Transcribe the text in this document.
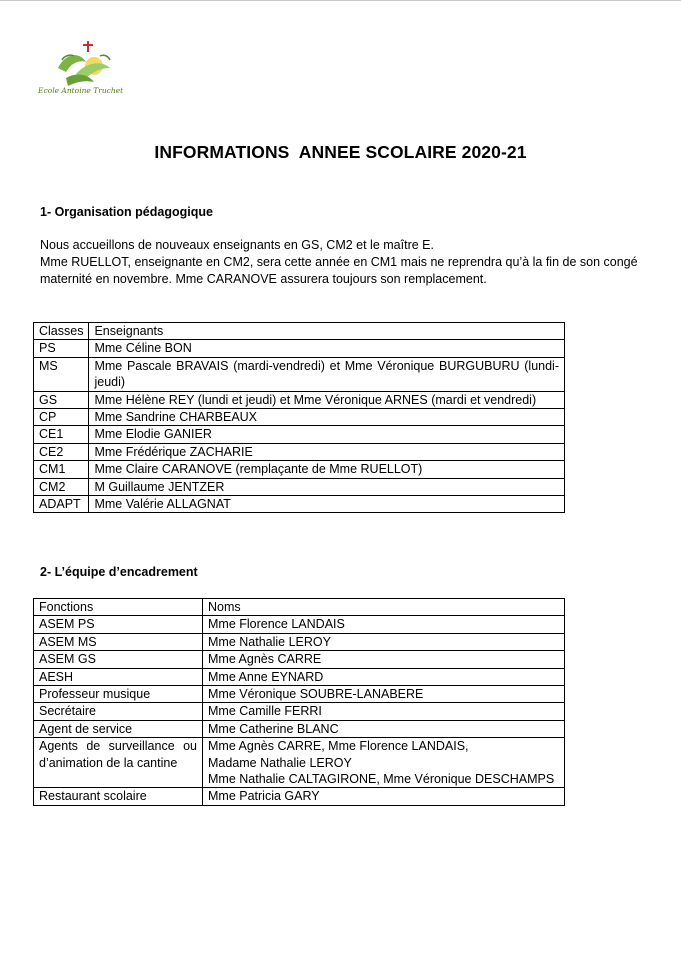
Ecole Antoine Truchet
INFORMATIONS  ANNEE SCOLAIRE 2020-21
1- Organisation pédagogique
Nous accueillons de nouveaux enseignants en GS, CM2 et le maître E.
Mme RUELLOT, enseignante en CM2, sera cette année en CM1 mais ne reprendra qu’à la fin de son congé
maternité en novembre. Mme CARANOVE assurera toujours son remplacement.
Classes	Enseignants
PS	Mme Céline BON
MS	Mme Pascale BRAVAIS (mardi-vendredi) et Mme Véronique BURGUBURU (lundi-jeudi)
GS	Mme Hélène REY (lundi et jeudi) et Mme Véronique ARNES (mardi et vendredi)
CP	Mme Sandrine CHARBEAUX
CE1	Mme Elodie GANIER
CE2	Mme Frédérique ZACHARIE
CM1	Mme Claire CARANOVE (remplaçante de Mme RUELLOT)
CM2	M Guillaume JENTZER
ADAPT	Mme Valérie ALLAGNAT
2- L’équipe d’encadrement
Fonctions	Noms
ASEM PS	Mme Florence LANDAIS
ASEM MS	Mme Nathalie LEROY
ASEM GS	Mme Agnès CARRE
AESH	Mme Anne EYNARD
Professeur musique	Mme Véronique SOUBRE-LANABERE
Secrétaire	Mme Camille FERRI
Agent de service	Mme Catherine BLANC
Agents de surveillance ou d’animation de la cantine	Mme Agnès CARRE, Mme Florence LANDAIS,
Madame Nathalie LEROY
Mme Nathalie CALTAGIRONE, Mme Véronique DESCHAMPS
Restaurant scolaire	Mme Patricia GARY
